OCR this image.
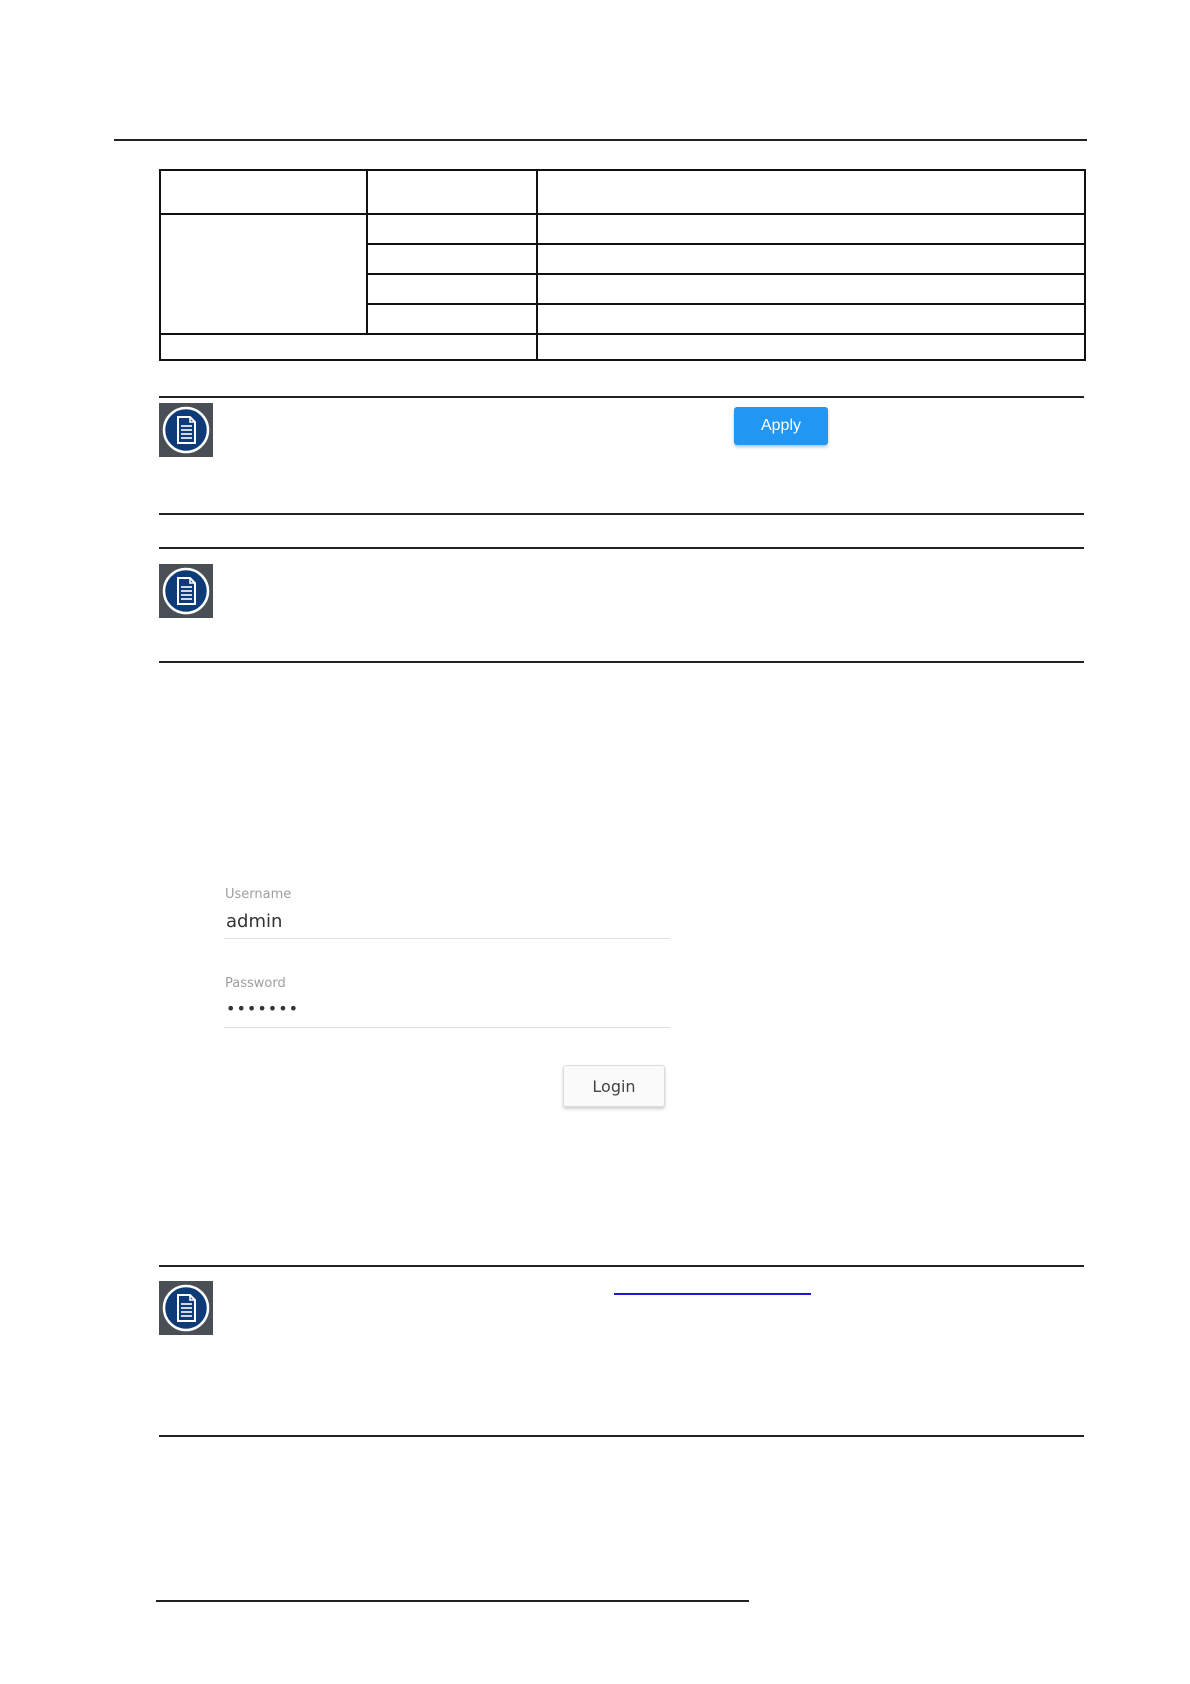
Apply
Username
admin
Password
•••••••
Login
